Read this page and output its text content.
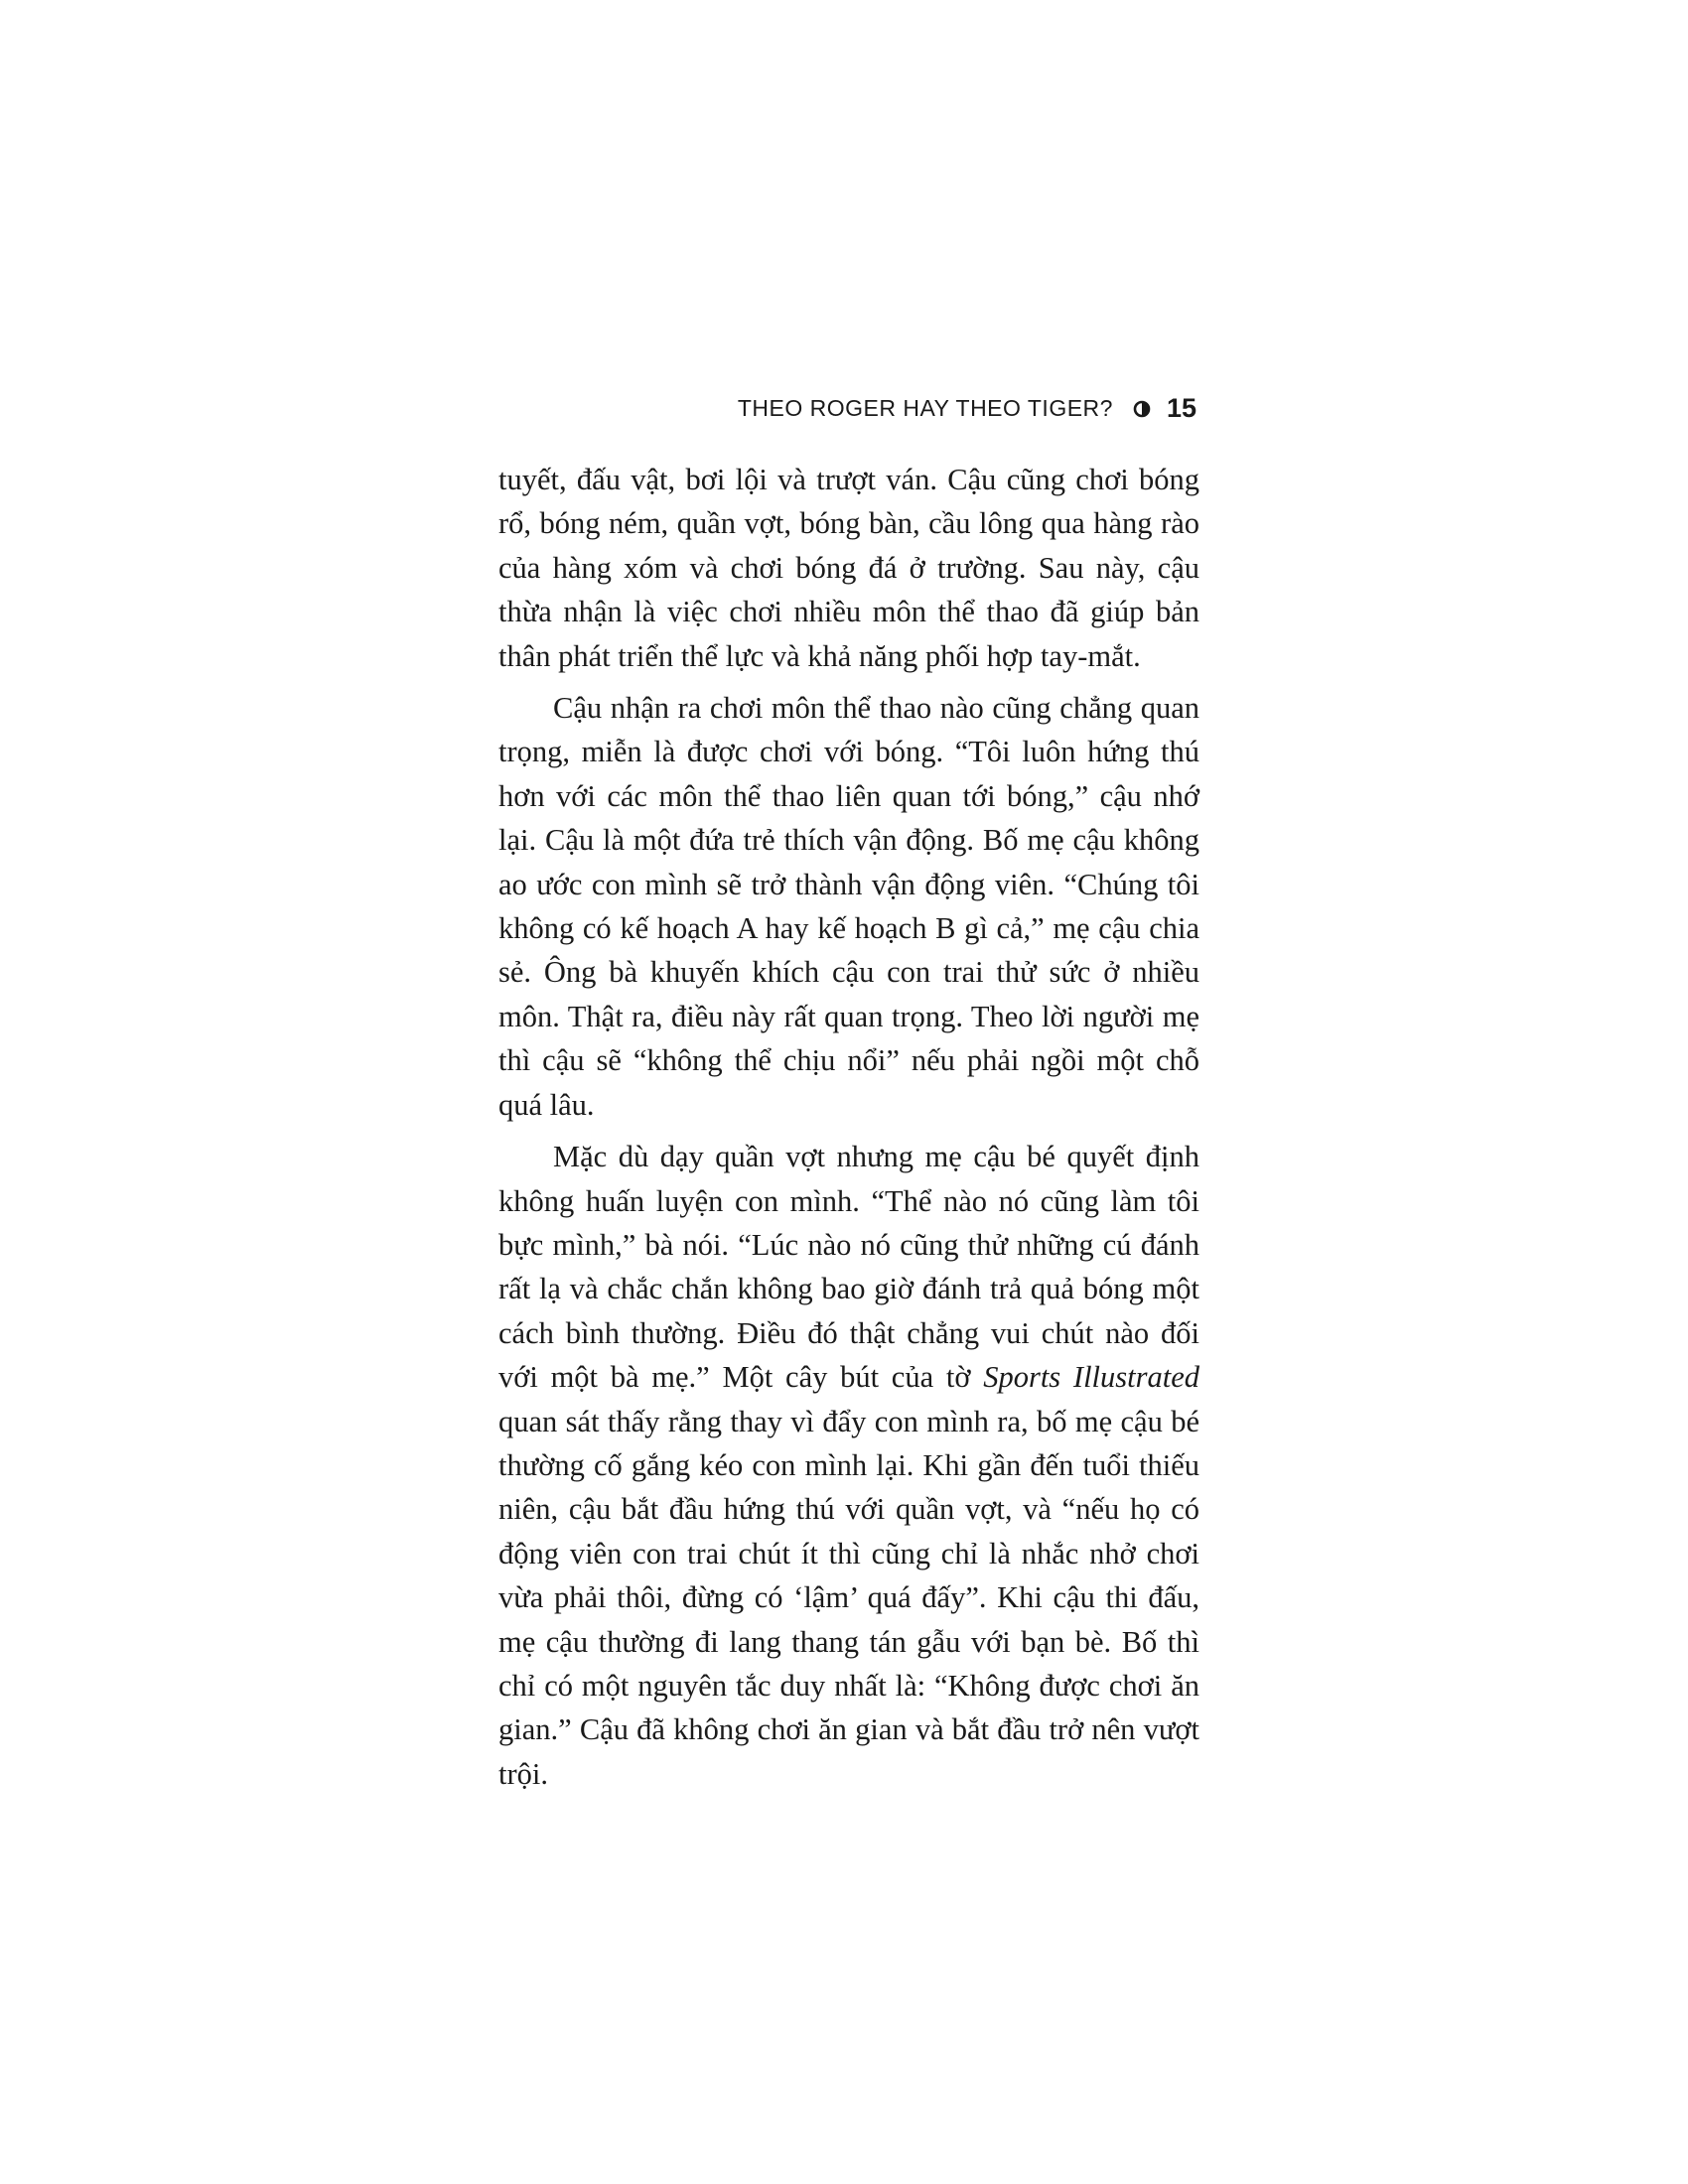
THEO ROGER HAY THEO TIGER? 15

tuyết, đấu vật, bơi lội và trượt ván. Cậu cũng chơi bóng rổ, bóng ném, quần vợt, bóng bàn, cầu lông qua hàng rào của hàng xóm và chơi bóng đá ở trường. Sau này, cậu thừa nhận là việc chơi nhiều môn thể thao đã giúp bản thân phát triển thể lực và khả năng phối hợp tay-mắt.

Cậu nhận ra chơi môn thể thao nào cũng chẳng quan trọng, miễn là được chơi với bóng. “Tôi luôn hứng thú hơn với các môn thể thao liên quan tới bóng,” cậu nhớ lại. Cậu là một đứa trẻ thích vận động. Bố mẹ cậu không ao ước con mình sẽ trở thành vận động viên. “Chúng tôi không có kế hoạch A hay kế hoạch B gì cả,” mẹ cậu chia sẻ. Ông bà khuyến khích cậu con trai thử sức ở nhiều môn. Thật ra, điều này rất quan trọng. Theo lời người mẹ thì cậu sẽ “không thể chịu nổi” nếu phải ngồi một chỗ quá lâu.

Mặc dù dạy quần vợt nhưng mẹ cậu bé quyết định không huấn luyện con mình. “Thể nào nó cũng làm tôi bực mình,” bà nói. “Lúc nào nó cũng thử những cú đánh rất lạ và chắc chắn không bao giờ đánh trả quả bóng một cách bình thường. Điều đó thật chẳng vui chút nào đối với một bà mẹ.” Một cây bút của tờ Sports Illustrated quan sát thấy rằng thay vì đẩy con mình ra, bố mẹ cậu bé thường cố gắng kéo con mình lại. Khi gần đến tuổi thiếu niên, cậu bắt đầu hứng thú với quần vợt, và “nếu họ có động viên con trai chút ít thì cũng chỉ là nhắc nhở chơi vừa phải thôi, đừng có ‘lậm’ quá đấy”. Khi cậu thi đấu, mẹ cậu thường đi lang thang tán gẫu với bạn bè. Bố thì chỉ có một nguyên tắc duy nhất là: “Không được chơi ăn gian.” Cậu đã không chơi ăn gian và bắt đầu trở nên vượt trội.
